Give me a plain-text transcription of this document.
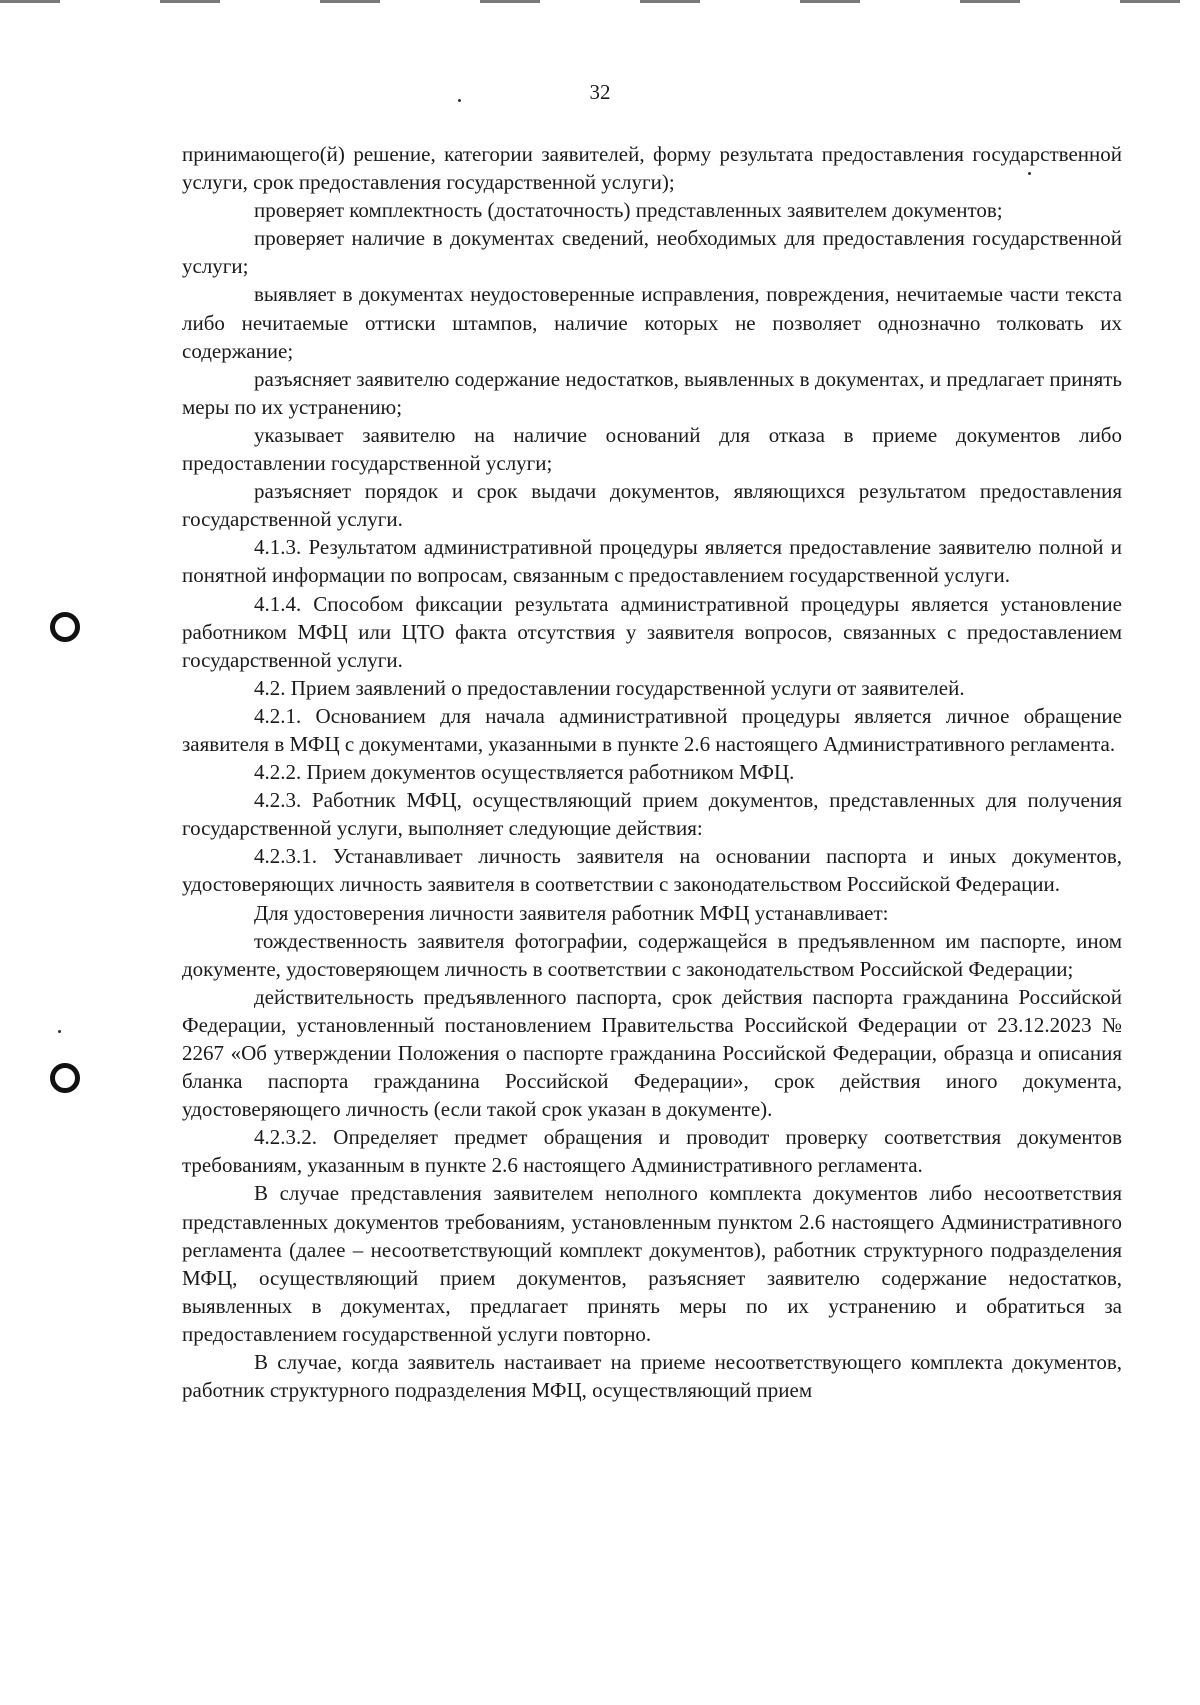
32

принимающего(й) решение, категории заявителей, форму результата предоставления государственной услуги, срок предоставления государственной услуги);

проверяет комплектность (достаточность) представленных заявителем документов;

проверяет наличие в документах сведений, необходимых для предоставления государственной услуги;

выявляет в документах неудостоверенные исправления, повреждения, нечитаемые части текста либо нечитаемые оттиски штампов, наличие которых не позволяет однозначно толковать их содержание;

разъясняет заявителю содержание недостатков, выявленных в документах, и предлагает принять меры по их устранению;

указывает заявителю на наличие оснований для отказа в приеме документов либо предоставлении государственной услуги;

разъясняет порядок и срок выдачи документов, являющихся результатом предоставления государственной услуги.

4.1.3. Результатом административной процедуры является предоставление заявителю полной и понятной информации по вопросам, связанным с предоставлением государственной услуги.

4.1.4. Способом фиксации результата административной процедуры является установление работником МФЦ или ЦТО факта отсутствия у заявителя вопросов, связанных с предоставлением государственной услуги.

4.2. Прием заявлений о предоставлении государственной услуги от заявителей.

4.2.1. Основанием для начала административной процедуры является личное обращение заявителя в МФЦ с документами, указанными в пункте 2.6 настоящего Административного регламента.

4.2.2. Прием документов осуществляется работником МФЦ.

4.2.3. Работник МФЦ, осуществляющий прием документов, представленных для получения государственной услуги, выполняет следующие действия:

4.2.3.1. Устанавливает личность заявителя на основании паспорта и иных документов, удостоверяющих личность заявителя в соответствии с законодательством Российской Федерации.

Для удостоверения личности заявителя работник МФЦ устанавливает:

тождественность заявителя фотографии, содержащейся в предъявленном им паспорте, ином документе, удостоверяющем личность в соответствии с законодательством Российской Федерации;

действительность предъявленного паспорта, срок действия паспорта гражданина Российской Федерации, установленный постановлением Правительства Российской Федерации от 23.12.2023 № 2267 «Об утверждении Положения о паспорте гражданина Российской Федерации, образца и описания бланка паспорта гражданина Российской Федерации», срок действия иного документа, удостоверяющего личность (если такой срок указан в документе).

4.2.3.2. Определяет предмет обращения и проводит проверку соответствия документов требованиям, указанным в пункте 2.6 настоящего Административного регламента.

В случае представления заявителем неполного комплекта документов либо несоответствия представленных документов требованиям, установленным пунктом 2.6 настоящего Административного регламента (далее – несоответствующий комплект документов), работник структурного подразделения МФЦ, осуществляющий прием документов, разъясняет заявителю содержание недостатков, выявленных в документах, предлагает принять меры по их устранению и обратиться за предоставлением государственной услуги повторно.

В случае, когда заявитель настаивает на приеме несоответствующего комплекта документов, работник структурного подразделения МФЦ, осуществляющий прием
